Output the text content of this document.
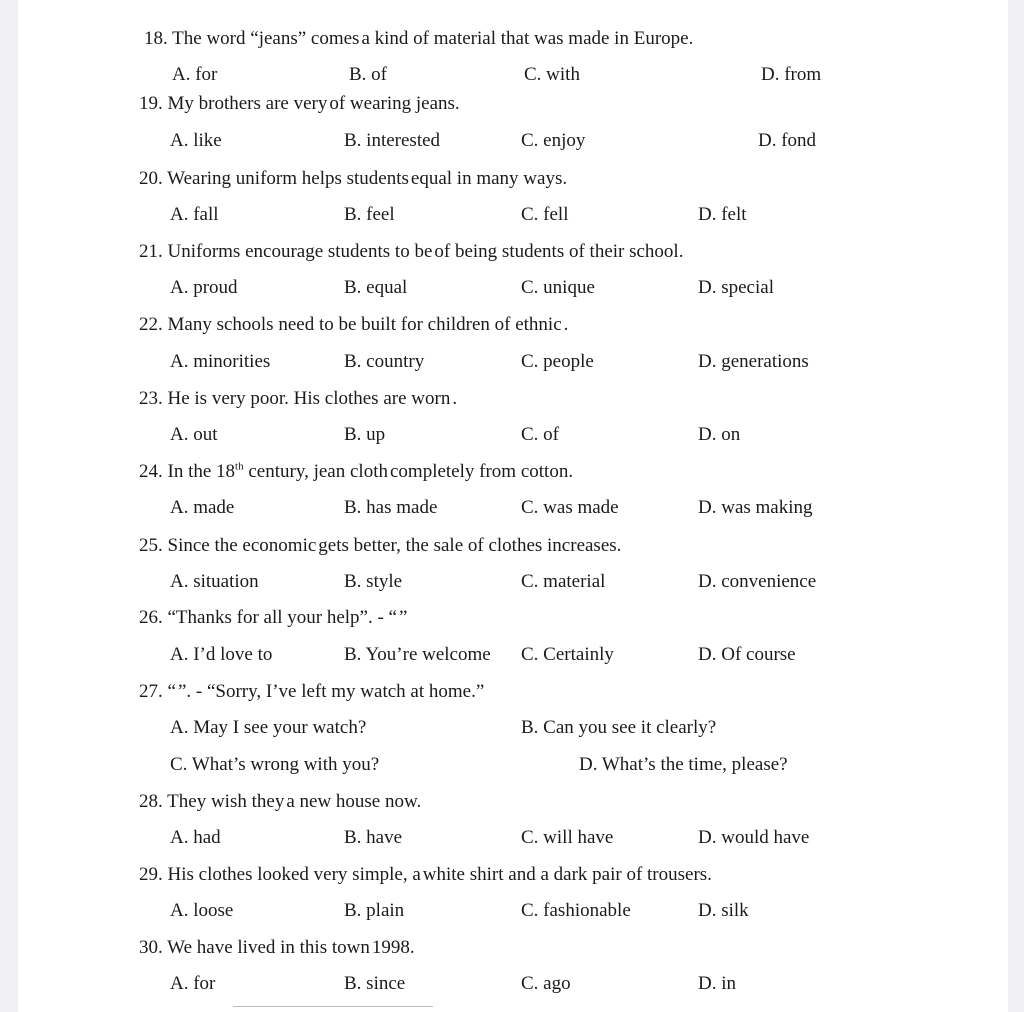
18. The word “jeans” comes a kind of material that was made in Europe.
A. for	B. of	C. with	D. from
19. My brothers are very of wearing jeans.
A. like	B. interested	C. enjoy	D. fond
20. Wearing uniform helps students equal in many ways.
A. fall	B. feel	C. fell	D. felt
21. Uniforms encourage students to be of being students of their school.
A. proud	B. equal	C. unique	D. special
22. Many schools need to be built for children of ethnic .
A. minorities	B. country	C. people	D. generations
23. He is very poor. His clothes are worn .
A. out	B. up	C. of	D. on
24. In the 18th century, jean cloth completely from cotton.
A. made	B. has made	C. was made	D. was making
25. Since the economic gets better, the sale of clothes increases.
A. situation	B. style	C. material	D. convenience
26. “Thanks for all your help”. - “ ”
A. I’d love to	B. You’re welcome C. Certainly	D. Of course
27. “ ”. - “Sorry, I’ve left my watch at home.”
A. May I see your watch?	B. Can you see it clearly?
C. What’s wrong with you?	D. What’s the time, please?
28. They wish they a new house now.
A. had	B. have	C. will have	D. would have
29. His clothes looked very simple, a white shirt and a dark pair of trousers.
A. loose	B. plain	C. fashionable	D. silk
30. We have lived in this town 1998.
A. for	B. since	C. ago	D. in
